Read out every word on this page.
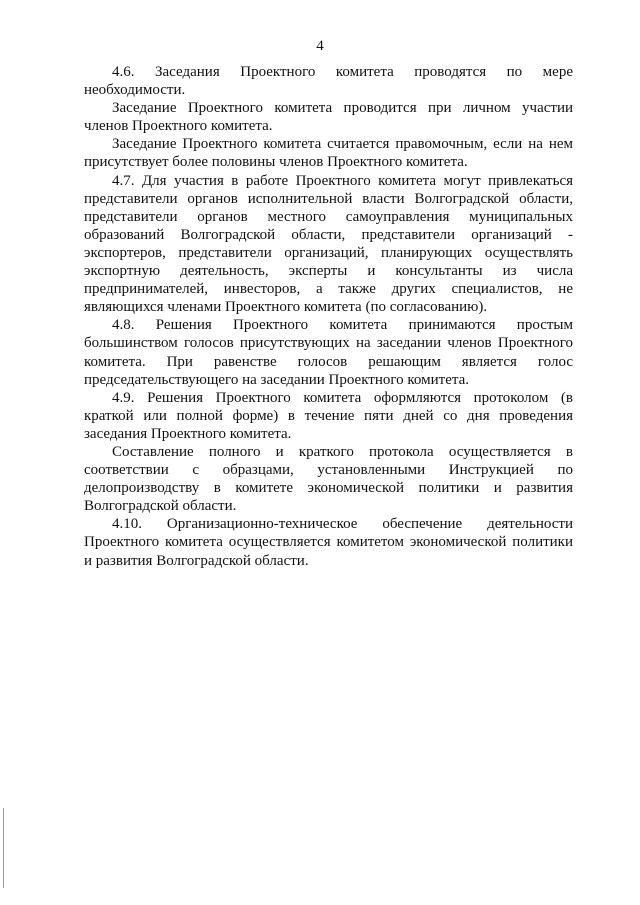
4

4.6. Заседания Проектного комитета проводятся по мере необходимости.

Заседание Проектного комитета проводится при личном участии членов Проектного комитета.

Заседание Проектного комитета считается правомочным, если на нем присутствует более половины членов Проектного комитета.

4.7. Для участия в работе Проектного комитета могут привлекаться представители органов исполнительной власти Волгоградской области, представители органов местного самоуправления муниципальных образований Волгоградской области, представители организаций - экспортеров, представители организаций, планирующих осуществлять экспортную деятельность, эксперты и консультанты из числа предпринимателей, инвесторов, а также других специалистов, не являющихся членами Проектного комитета (по согласованию).

4.8. Решения Проектного комитета принимаются простым большинством голосов присутствующих на заседании членов Проектного комитета. При равенстве голосов решающим является голос председательствующего на заседании Проектного комитета.

4.9. Решения Проектного комитета оформляются протоколом (в краткой или полной форме) в течение пяти дней со дня проведения заседания Проектного комитета.

Составление полного и краткого протокола осуществляется в соответствии с образцами, установленными Инструкцией по делопроизводству в комитете экономической политики и развития Волгоградской области.

4.10. Организационно-техническое обеспечение деятельности Проектного комитета осуществляется комитетом экономической политики и развития Волгоградской области.
